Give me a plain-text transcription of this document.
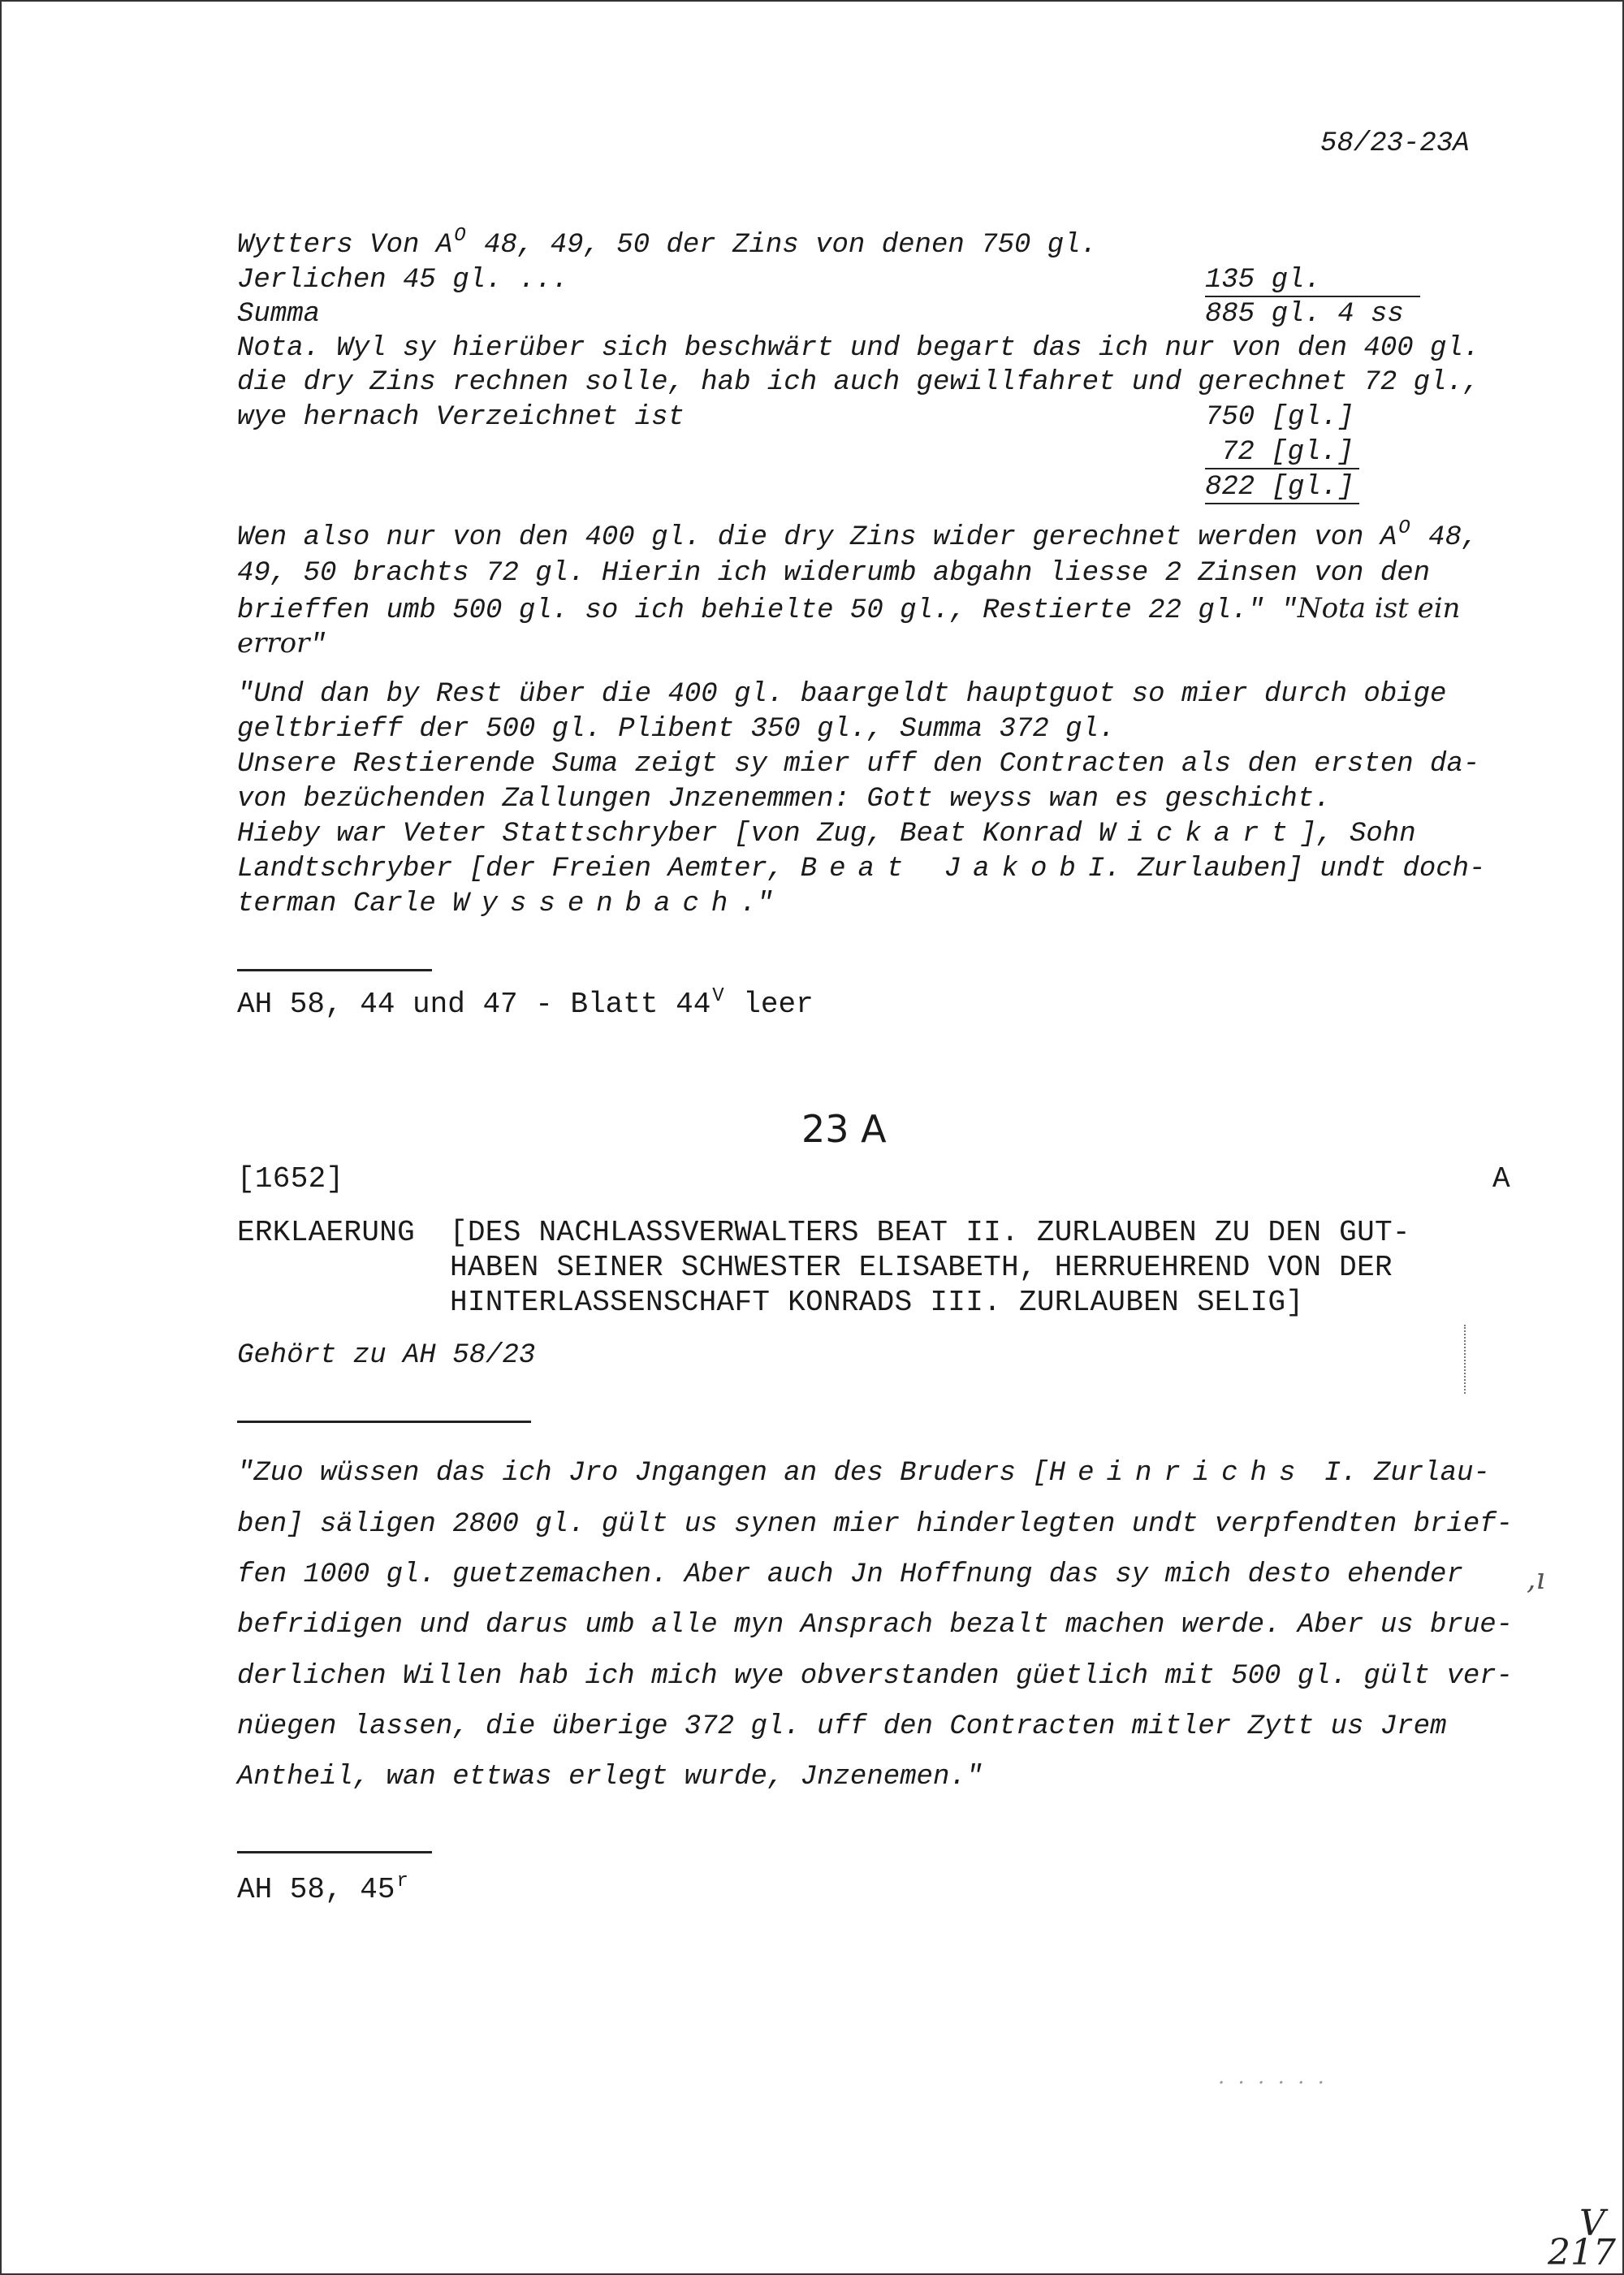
58/23-23A
Wytters Von $A^O$ 48, 49, 50 der Zins von denen 750 gl.
Jerlichen 45 gl. ...	135 gl.
Summa	885 gl. 4 ss
Nota. Wyl sy hierüber sich beschwärt und begart das ich nur von den 400 gl.
die dry Zins rechnen solle, hab ich auch gewillfahret und gerechnet 72 gl.,
wye hernach Verzeichnet ist	750 [gl.]
72 [gl.]
822 [gl.]
Wen also nur von den 400 gl. die dry Zins wider gerechnet werden von $A^O$ 48,
49, 50 brachts 72 gl. Hierin ich widerumb abgahn liesse 2 Zinsen von den
brieffen umb 500 gl. so ich behielte 50 gl., Restierte 22 gl." "Nota ist ein
error"
"Und dan by Rest über die 400 gl. baargeldt hauptguot so mier durch obige
geltbrieff der 500 gl. Plibent 350 gl., Summa 372 gl.
Unsere Restierende Suma zeigt sy mier uff den Contracten als den ersten da-
von bezüchenden Zallungen Jnzenemmen: Gott weyss wan es geschicht.
Hieby war Veter Stattschryber [von Zug, Beat Konrad Wickart], Sohn
Landtschryber [der Freien Aemter, Beat JakobI. Zurlauben] undt doch-
terman Carle Wyssenbach."
AH 58, 44 und 47 - Blatt $44^V$ leer
23 A
[1652]	A
ERKLAERUNG [DES NACHLASSVERWALTERS BEAT II. ZURLAUBEN ZU DEN GUT-
HABEN SEINER SCHWESTER ELISABETH, HERRUEHREND VON DER
HINTERLASSENSCHAFT KONRADS III. ZURLAUBEN SELIG]
Gehört zu AH 58/23
"Zuo wüssen das ich Jro Jngangen an des Bruders [Heinrichs I. Zurlau-
ben] säligen 2800 gl. gült us synen mier hinderlegten undt verpfendten brief-
fen 1000 gl. guetzemachen. Aber auch Jn Hoffnung das sy mich desto ehender
befridigen und darus umb alle myn Ansprach bezalt machen werde. Aber us brue-
derlichen Willen hab ich mich wye obverstanden güetlich mit 500 gl. gült ver-
nüegen lassen, die überige 372 gl. uff den Contracten mitler Zytt us Jrem
Antheil, wan ettwas erlegt wurde, Jnzenemen."
AH 58, 45$^r$
,ı
· · · · · ·
V
217
